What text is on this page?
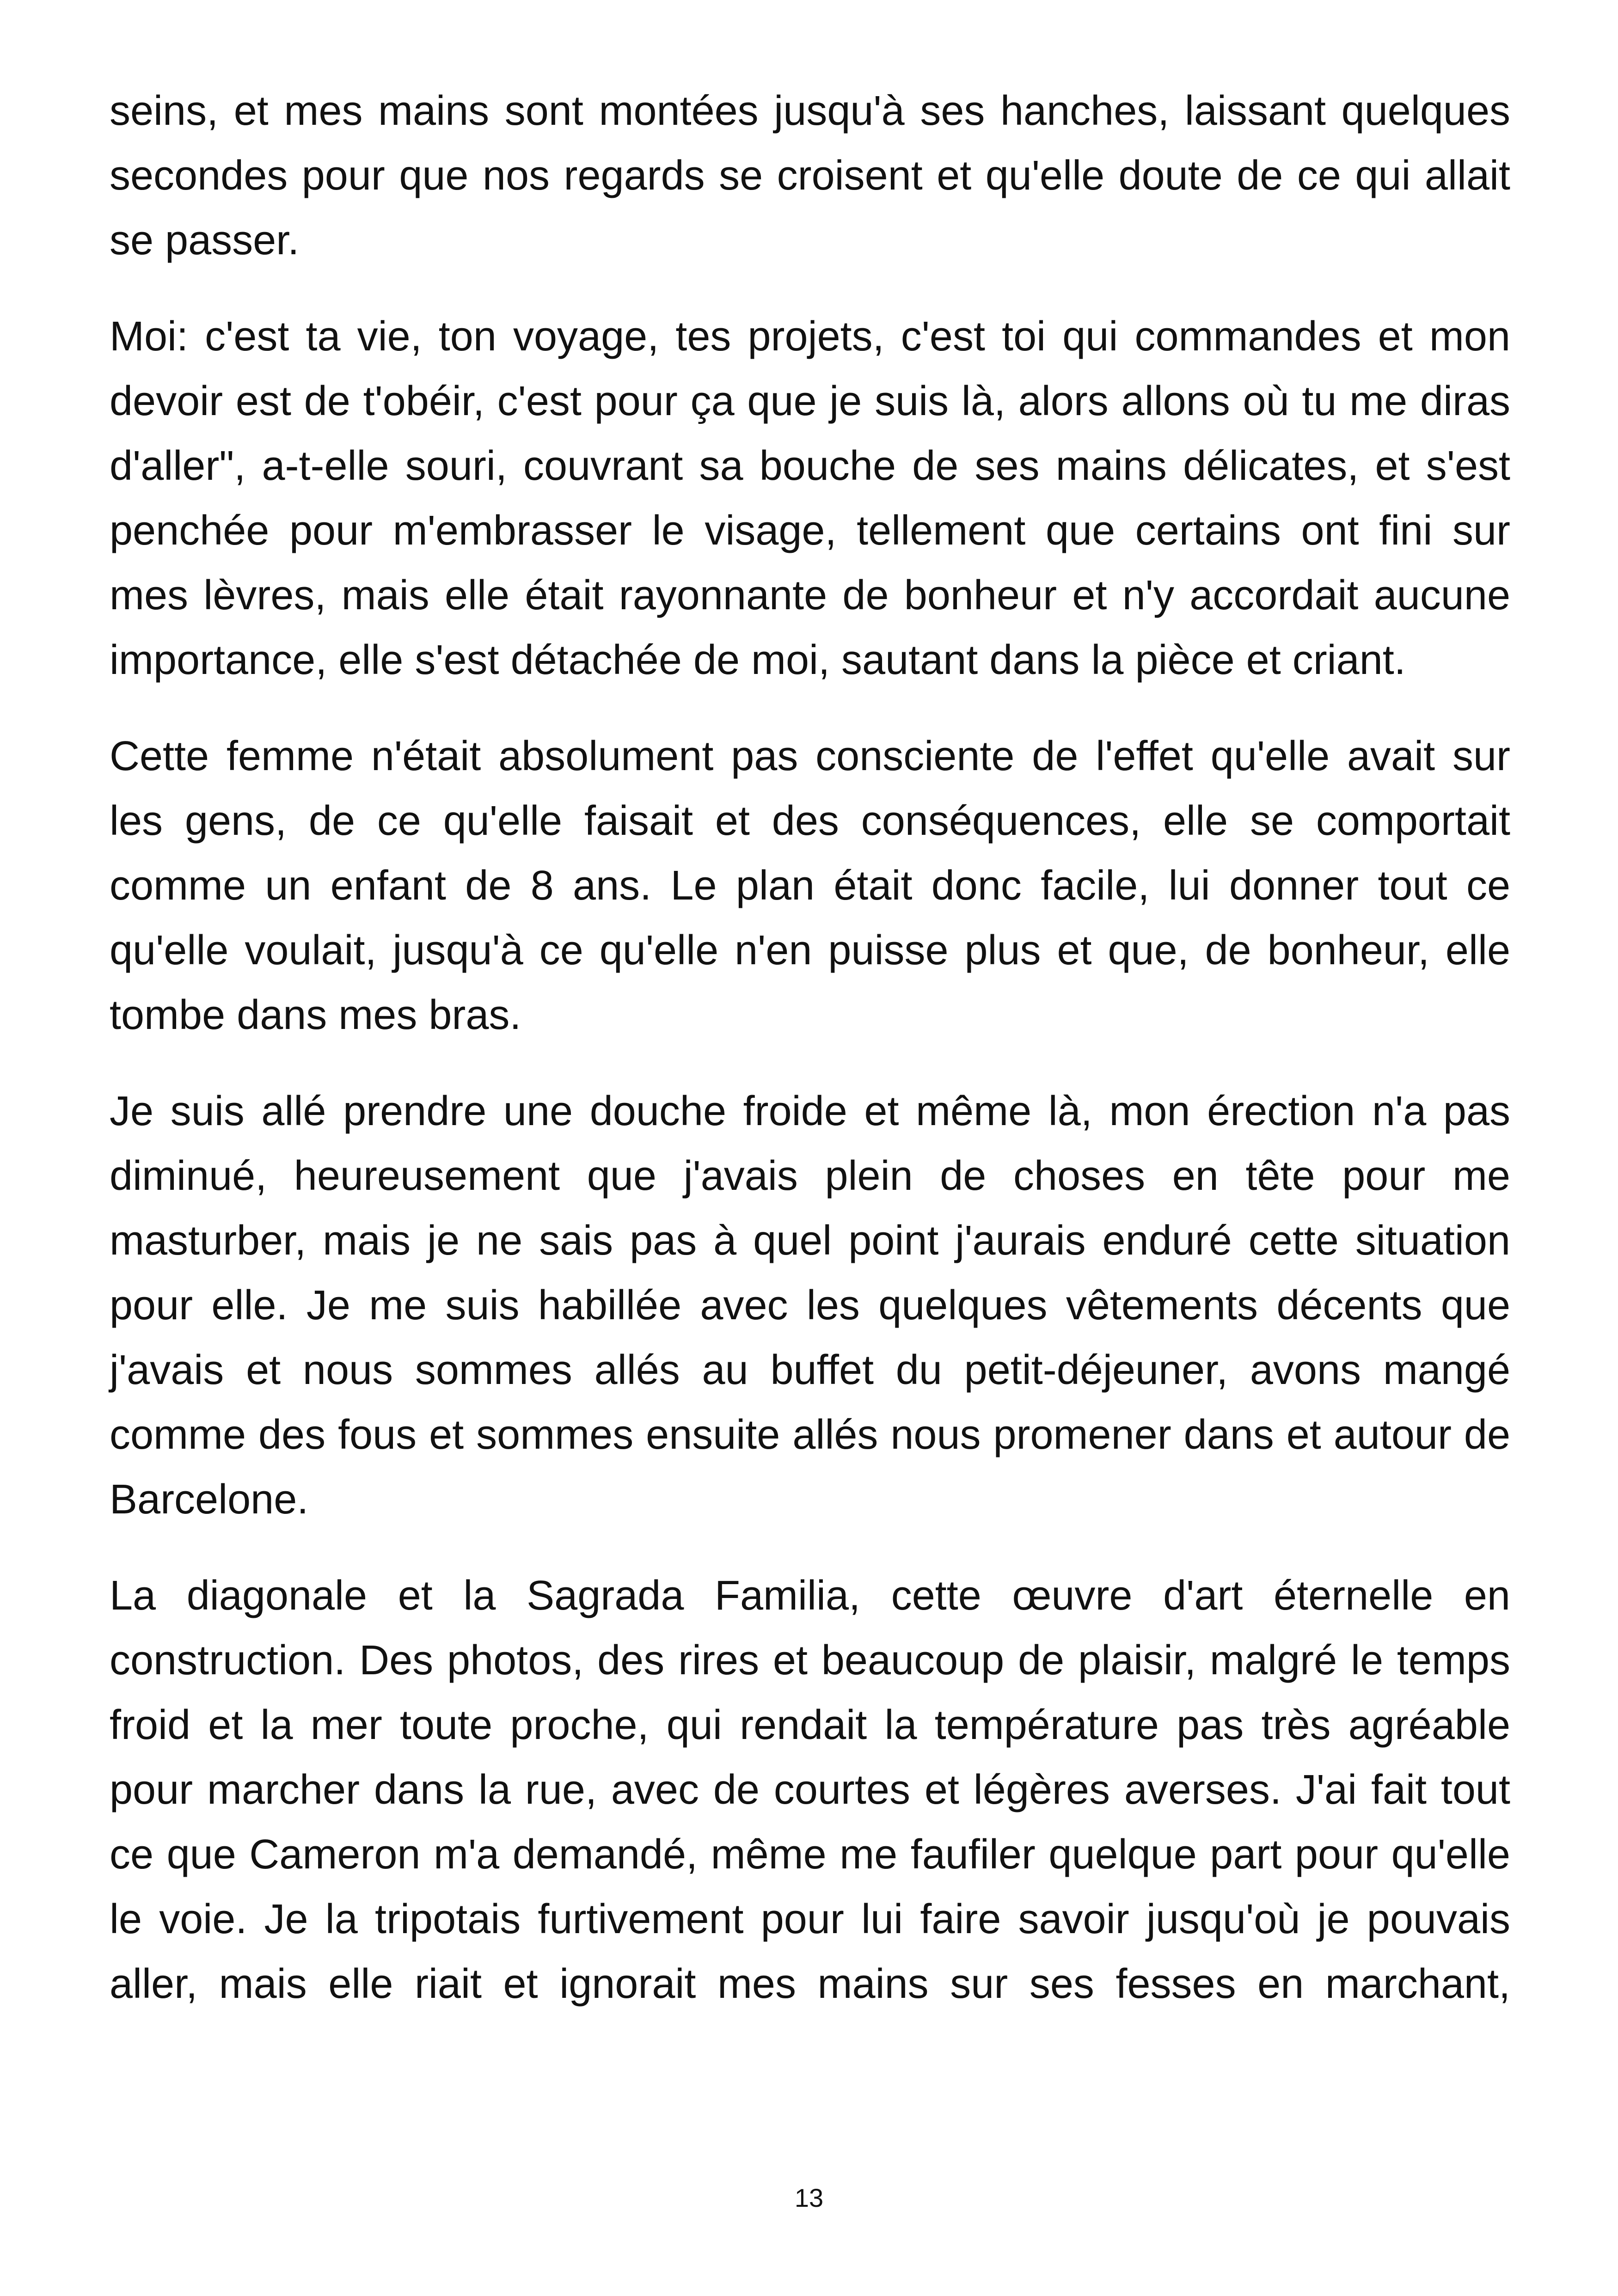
seins, et mes mains sont montées jusqu'à ses hanches, laissant quelques secondes pour que nos regards se croisent et qu'elle doute de ce qui allait se passer.

Moi: c'est ta vie, ton voyage, tes projets, c'est toi qui commandes et mon devoir est de t'obéir, c'est pour ça que je suis là, alors allons où tu me diras d'aller", a-t-elle souri, couvrant sa bouche de ses mains délicates, et s'est penchée pour m'embrasser le visage, tellement que certains ont fini sur mes lèvres, mais elle était rayonnante de bonheur et n'y accordait aucune importance, elle s'est détachée de moi, sautant dans la pièce et criant.

Cette femme n'était absolument pas consciente de l'effet qu'elle avait sur les gens, de ce qu'elle faisait et des conséquences, elle se comportait comme un enfant de 8 ans. Le plan était donc facile, lui donner tout ce qu'elle voulait, jusqu'à ce qu'elle n'en puisse plus et que, de bonheur, elle tombe dans mes bras.

Je suis allé prendre une douche froide et même là, mon érection n'a pas diminué, heureusement que j'avais plein de choses en tête pour me masturber, mais je ne sais pas à quel point j'aurais enduré cette situation pour elle. Je me suis habillée avec les quelques vêtements décents que j'avais et nous sommes allés au buffet du petit-déjeuner, avons mangé comme des fous et sommes ensuite allés nous promener dans et autour de Barcelone.

La diagonale et la Sagrada Familia, cette œuvre d'art éternelle en construction. Des photos, des rires et beaucoup de plaisir, malgré le temps froid et la mer toute proche, qui rendait la température pas très agréable pour marcher dans la rue, avec de courtes et légères averses. J'ai fait tout ce que Cameron m'a demandé, même me faufiler quelque part pour qu'elle le voie. Je la tripotais furtivement pour lui faire savoir jusqu'où je pouvais aller, mais elle riait et ignorait mes mains sur ses fesses en marchant,

13
